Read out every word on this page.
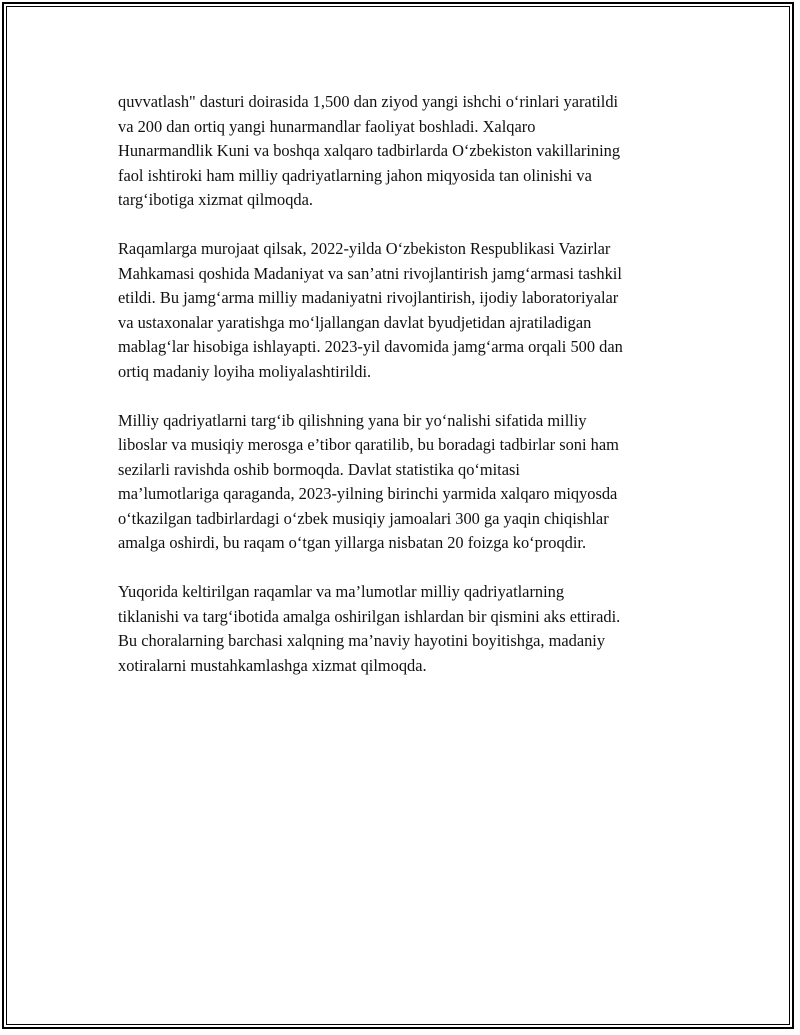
quvvatlash" dasturi doirasida 1,500 dan ziyod yangi ishchi o‘rinlari yaratildi
va 200 dan ortiq yangi hunarmandlar faoliyat boshladi. Xalqaro
Hunarmandlik Kuni va boshqa xalqaro tadbirlarda O‘zbekiston vakillarining
faol ishtiroki ham milliy qadriyatlarning jahon miqyosida tan olinishi va
targ‘ibotiga xizmat qilmoqda.

Raqamlarga murojaat qilsak, 2022-yilda O‘zbekiston Respublikasi Vazirlar
Mahkamasi qoshida Madaniyat va san’atni rivojlantirish jamg‘armasi tashkil
etildi. Bu jamg‘arma milliy madaniyatni rivojlantirish, ijodiy laboratoriyalar
va ustaxonalar yaratishga mo‘ljallangan davlat byudjetidan ajratiladigan
mablag‘lar hisobiga ishlayapti. 2023-yil davomida jamg‘arma orqali 500 dan
ortiq madaniy loyiha moliyalashtirildi.

Milliy qadriyatlarni targ‘ib qilishning yana bir yo‘nalishi sifatida milliy
liboslar va musiqiy merosga e’tibor qaratilib, bu boradagi tadbirlar soni ham
sezilarli ravishda oshib bormoqda. Davlat statistika qo‘mitasi
ma’lumotlariga qaraganda, 2023-yilning birinchi yarmida xalqaro miqyosda
o‘tkazilgan tadbirlardagi o‘zbek musiqiy jamoalari 300 ga yaqin chiqishlar
amalga oshirdi, bu raqam o‘tgan yillarga nisbatan 20 foizga ko‘proqdir.

Yuqorida keltirilgan raqamlar va ma’lumotlar milliy qadriyatlarning
tiklanishi va targ‘ibotida amalga oshirilgan ishlardan bir qismini aks ettiradi.
Bu choralarning barchasi xalqning ma’naviy hayotini boyitishga, madaniy
xotiralarni mustahkamlashga xizmat qilmoqda.
